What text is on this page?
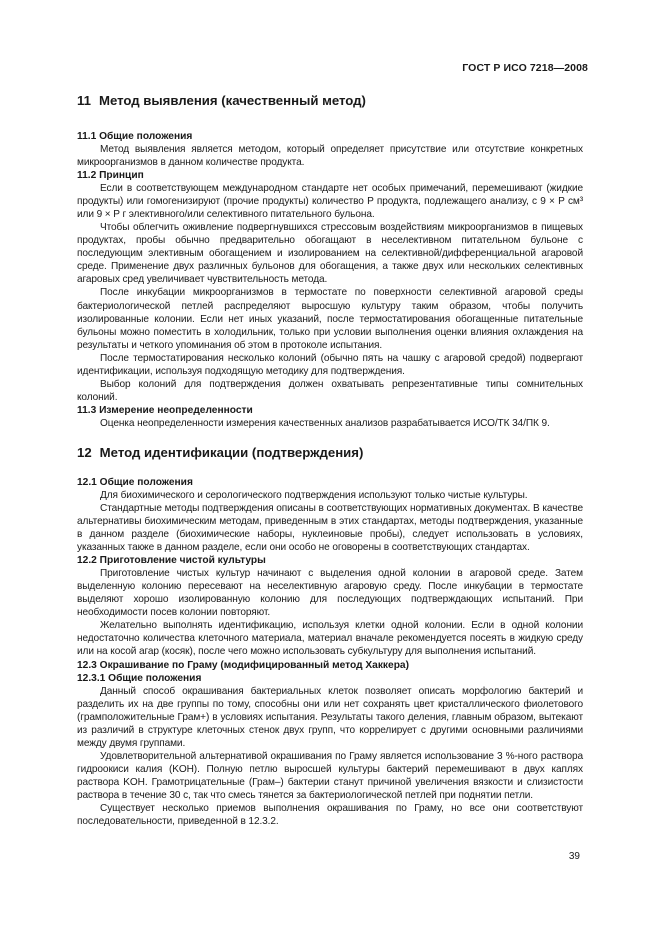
ГОСТ Р ИСО 7218—2008
11 Метод выявления (качественный метод)
11.1 Общие положения

Метод выявления является методом, который определяет присутствие или отсутствие конкретных микроорганизмов в данном количестве продукта.

11.2 Принцип

Если в соответствующем международном стандарте нет особых примечаний, перемешивают (жидкие продукты) или гомогенизируют (прочие продукты) количество P продукта, подлежащего анализу, с 9 × P см³ или 9 × P г элективного/или селективного питательного бульона.

Чтобы облегчить оживление подвергнувшихся стрессовым воздействиям микроорганизмов в пищевых продуктах, пробы обычно предварительно обогащают в неселективном питательном бульоне с последующим элективным обогащением и изолированием на селективной/дифференциальной агаровой среде. Применение двух различных бульонов для обогащения, а также двух или нескольких селективных агаровых сред увеличивает чувствительность метода.

После инкубации микроорганизмов в термостате по поверхности селективной агаровой среды бактериологической петлей распределяют выросшую культуру таким образом, чтобы получить изолированные колонии. Если нет иных указаний, после термостатирования обогащенные питательные бульоны можно поместить в холодильник, только при условии выполнения оценки влияния охлаждения на результаты и четкого упоминания об этом в протоколе испытания.

После термостатирования несколько колоний (обычно пять на чашку с агаровой средой) подвергают идентификации, используя подходящую методику для подтверждения.

Выбор колоний для подтверждения должен охватывать репрезентативные типы сомнительных колоний.

11.3 Измерение неопределенности

Оценка неопределенности измерения качественных анализов разрабатывается ИСО/ТК 34/ПК 9.

12 Метод идентификации (подтверждения)
12.1 Общие положения

Для биохимического и серологического подтверждения используют только чистые культуры.

Стандартные методы подтверждения описаны в соответствующих нормативных документах. В качестве альтернативы биохимическим методам, приведенным в этих стандартах, методы подтверждения, указанные в данном разделе (биохимические наборы, нуклеиновые пробы), следует использовать в условиях, указанных также в данном разделе, если они особо не оговорены в соответствующих стандартах.

12.2 Приготовление чистой культуры

Приготовление чистых культур начинают с выделения одной колонии в агаровой среде. Затем выделенную колонию пересевают на неселективную агаровую среду. После инкубации в термостате выделяют хорошо изолированную колонию для последующих подтверждающих испытаний. При необходимости посев колонии повторяют.

Желательно выполнять идентификацию, используя клетки одной колонии. Если в одной колонии недостаточно количества клеточного материала, материал вначале рекомендуется посеять в жидкую среду или на косой агар (косяк), после чего можно использовать субкультуру для выполнения испытаний.

12.3 Окрашивание по Граму (модифицированный метод Хаккера)
12.3.1 Общие положения

Данный способ окрашивания бактериальных клеток позволяет описать морфологию бактерий и разделить их на две группы по тому, способны они или нет сохранять цвет кристаллического фиолетового (грамположительные Грам+) в условиях испытания. Результаты такого деления, главным образом, вытекают из различий в структуре клеточных стенок двух групп, что коррелирует с другими основными различиями между двумя группами.

Удовлетворительной альтернативой окрашивания по Граму является использование 3 %-ного раствора гидроокиси калия (KOH). Полную петлю выросшей культуры бактерий перемешивают в двух каплях раствора KOH. Грамотрицательные (Грам–) бактерии станут причиной увеличения вязкости и слизистости раствора в течение 30 с, так что смесь тянется за бактериологической петлей при поднятии петли.

Существует несколько приемов выполнения окрашивания по Граму, но все они соответствуют последовательности, приведенной в 12.3.2.

39
